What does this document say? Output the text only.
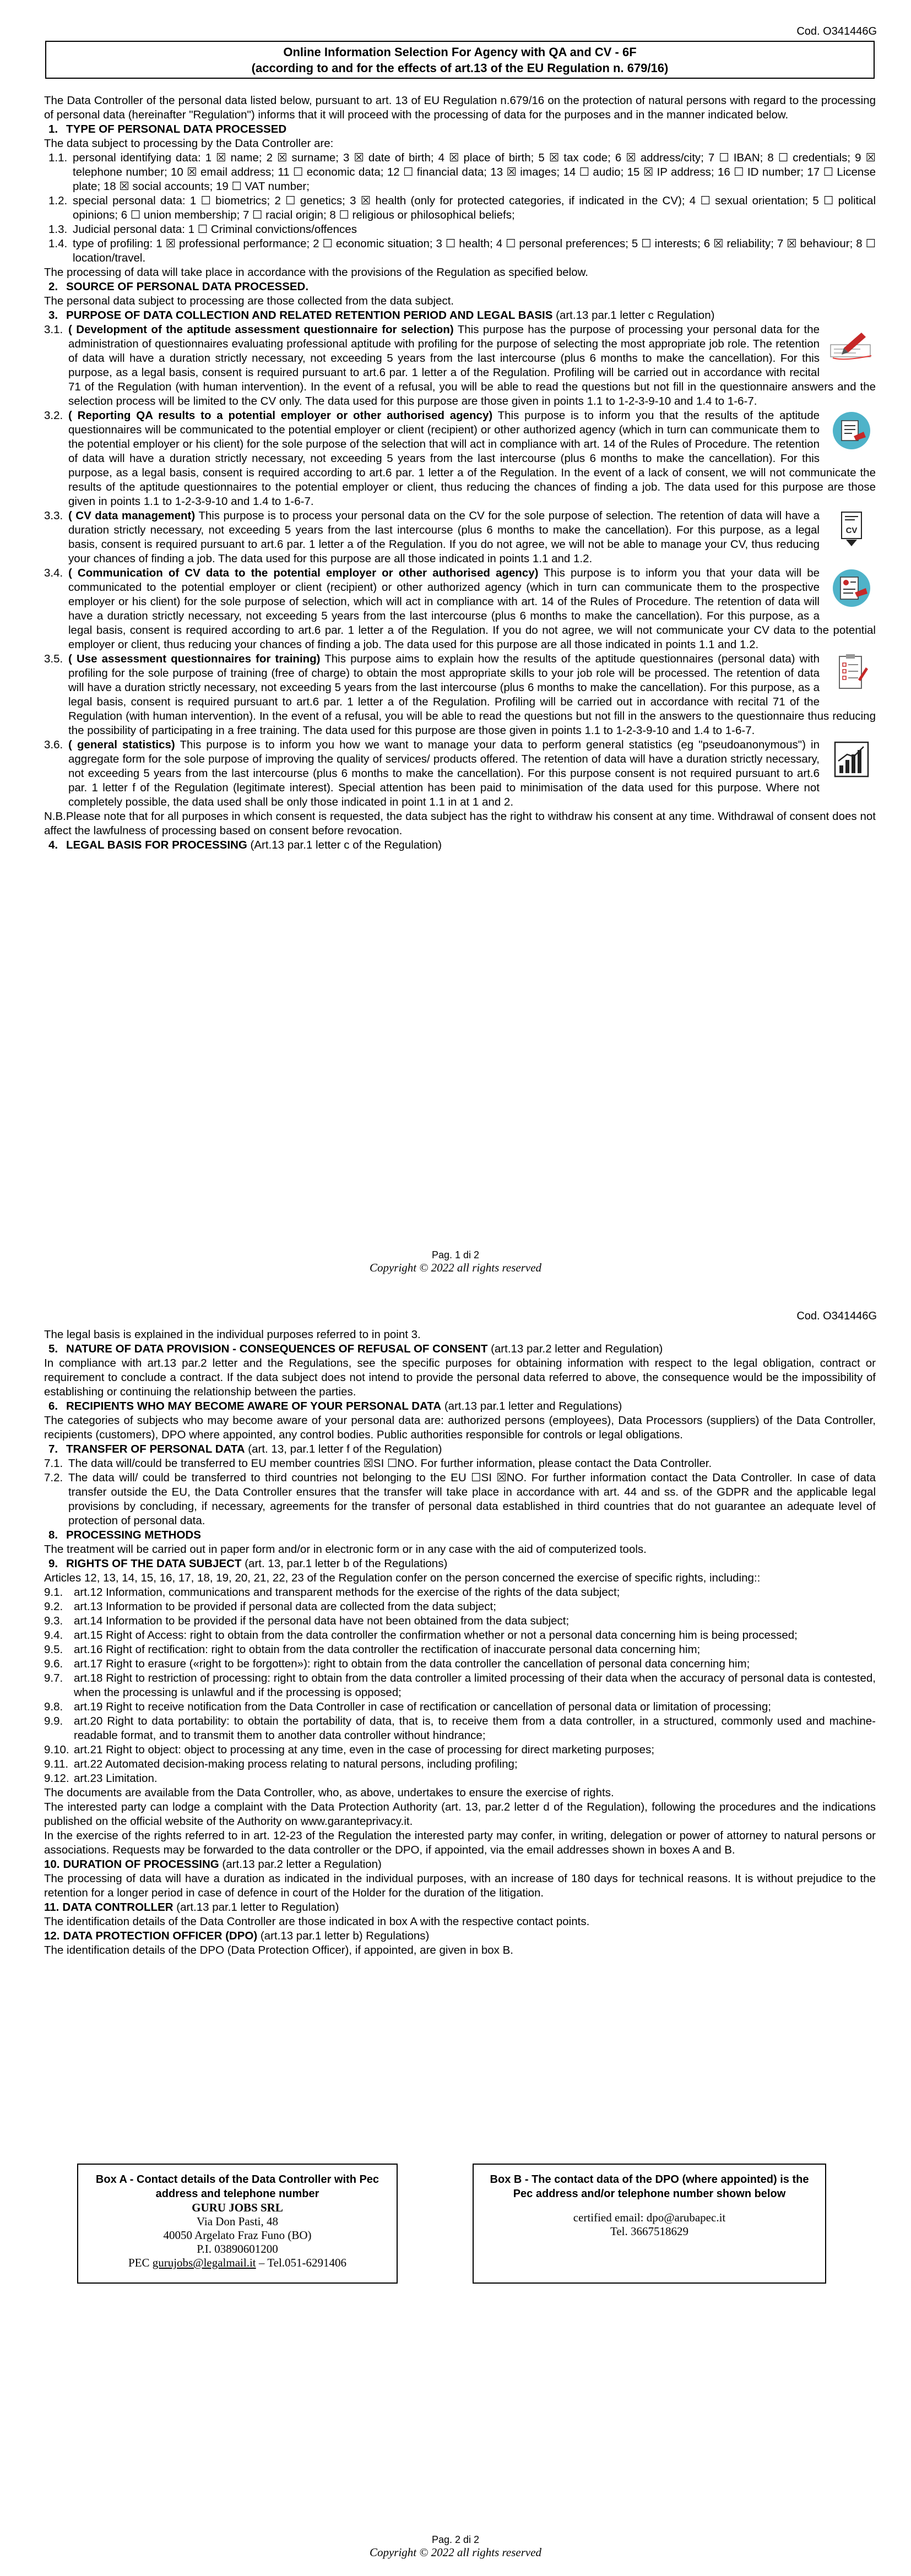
Cod. O341446G
Online Information Selection For Agency with QA and CV - 6F
(according to and for the effects of art.13 of the EU Regulation n. 679/16)

The Data Controller of the personal data listed below, pursuant to art. 13 of EU Regulation n.679/16 on the protection of natural persons with regard to the processing of personal data (hereinafter "Regulation") informs that it will proceed with the processing of data for the purposes and in the manner indicated below.

1. TYPE OF PERSONAL DATA PROCESSED

The data subject to processing by the Data Controller are:

1.1. personal identifying data: 1 ☒ name; 2 ☒ surname; 3 ☒ date of birth; 4 ☒ place of birth; 5 ☒ tax code; 6 ☒ address/city; 7 ☐ IBAN; 8 ☐ credentials; 9 ☒ telephone number; 10 ☒ email address; 11 ☐ economic data; 12 ☐ financial data; 13 ☒ images; 14 ☐ audio; 15 ☒ IP address; 16 ☐ ID number; 17 ☐ License plate; 18 ☒ social accounts; 19 ☐ VAT number;
1.2. special personal data: 1 ☐ biometrics; 2 ☐ genetics; 3 ☒ health (only for protected categories, if indicated in the CV); 4 ☐ sexual orientation; 5 ☐ political opinions; 6 ☐ union membership; 7 ☐ racial origin; 8 ☐ religious or philosophical beliefs;
1.3. Judicial personal data: 1 ☐ Criminal convictions/offences
1.4. type of profiling: 1 ☒ professional performance; 2 ☐ economic situation; 3 ☐ health; 4 ☐ personal preferences; 5 ☐ interests; 6 ☒ reliability; 7 ☒ behaviour; 8 ☐ location/travel.

The processing of data will take place in accordance with the provisions of the Regulation as specified below.

2. SOURCE OF PERSONAL DATA PROCESSED.

The personal data subject to processing are those collected from the data subject.

3. PURPOSE OF DATA COLLECTION AND RELATED RETENTION PERIOD AND LEGAL BASIS (art.13 par.1 letter c Regulation)
3.1. ( Development of the aptitude assessment questionnaire for selection) This purpose has the purpose of processing your personal data for the administration of questionnaires evaluating professional aptitude with profiling for the purpose of selecting the most appropriate job role. The retention of data will have a duration strictly necessary, not exceeding 5 years from the last intercourse (plus 6 months to make the cancellation). For this purpose, as a legal basis, consent is required pursuant to art.6 par. 1 letter a of the Regulation. Profiling will be carried out in accordance with recital 71 of the Regulation (with human intervention). In the event of a refusal, you will be able to read the questions but not fill in the questionnaire answers and the selection process will be limited to the CV only. The data used for this purpose are those given in points 1.1 to 1-2-3-9-10 and 1.4 to 1-6-7.
3.2. ( Reporting QA results to a potential employer or other authorised agency) This purpose is to inform you that the results of the aptitude questionnaires will be communicated to the potential employer or client (recipient) or other authorized agency (which in turn can communicate them to the potential employer or his client) for the sole purpose of the selection that will act in compliance with art. 14 of the Rules of Procedure. The retention of data will have a duration strictly necessary, not exceeding 5 years from the last intercourse (plus 6 months to make the cancellation). For this purpose, as a legal basis, consent is required according to art.6 par. 1 letter a of the Regulation. In the event of a lack of consent, we will not communicate the results of the aptitude questionnaires to the potential employer or client, thus reducing the chances of finding a job. The data used for this purpose are those given in points 1.1 to 1-2-3-9-10 and 1.4 to 1-6-7.
3.3.
CV
( CV data management) This purpose is to process your personal data on the CV for the sole purpose of selection. The retention of data will have a duration strictly necessary, not exceeding 5 years from the last intercourse (plus 6 months to make the cancellation). For this purpose, as a legal basis, consent is required pursuant to art.6 par. 1 letter a of the Regulation. If you do not agree, we will not be able to manage your CV, thus reducing your chances of finding a job. The data used for this purpose are all those indicated in points 1.1 and 1.2.
3.4. ( Communication of CV data to the potential employer or other authorised agency) This purpose is to inform you that your data will be communicated to the potential employer or client (recipient) or other authorized agency (which in turn can communicate them to the prospective employer or his client) for the sole purpose of selection, which will act in compliance with art. 14 of the Rules of Procedure. The retention of data will have a duration strictly necessary, not exceeding 5 years from the last intercourse (plus 6 months to make the cancellation). For this purpose, as a legal basis, consent is required according to art.6 par. 1 letter a of the Regulation. If you do not agree, we will not communicate your CV data to the potential employer or client, thus reducing your chances of finding a job. The data used for this purpose are all those indicated in points 1.1 and 1.2.
3.5. ( Use assessment questionnaires for training) This purpose aims to explain how the results of the aptitude questionnaires (personal data) with profiling for the sole purpose of training (free of charge) to obtain the most appropriate skills to your job role will be processed. The retention of data will have a duration strictly necessary, not exceeding 5 years from the last intercourse (plus 6 months to make the cancellation). For this purpose, as a legal basis, consent is required pursuant to art.6 par. 1 letter a of the Regulation. Profiling will be carried out in accordance with recital 71 of the Regulation (with human intervention). In the event of a refusal, you will be able to read the questions but not fill in the answers to the questionnaire thus reducing the possibility of participating in a free training. The data used for this purpose are those given in points 1.1 to 1-2-3-9-10 and 1.4 to 1-6-7.
3.6. ( general statistics) This purpose is to inform you how we want to manage your data to perform general statistics (eg "pseudoanonymous") in aggregate form for the sole purpose of improving the quality of services/ products offered. The retention of data will have a duration strictly necessary, not exceeding 5 years from the last intercourse (plus 6 months to make the cancellation). For this purpose consent is not required pursuant to art.6 par. 1 letter f of the Regulation (legitimate interest). Special attention has been paid to minimisation of the data used for this purpose. Where not completely possible, the data used shall be only those indicated in point 1.1 in at 1 and 2.

N.B.Please note that for all purposes in which consent is requested, the data subject has the right to withdraw his consent at any time. Withdrawal of consent does not affect the lawfulness of processing based on consent before revocation.

4. LEGAL BASIS FOR PROCESSING (Art.13 par.1 letter c of the Regulation)
Pag. 1 di 2
Copyright © 2022 all rights reserved
Cod. O341446G

The legal basis is explained in the individual purposes referred to in point 3.

5. NATURE OF DATA PROVISION - CONSEQUENCES OF REFUSAL OF CONSENT (art.13 par.2 letter and Regulation)

In compliance with art.13 par.2 letter and the Regulations, see the specific purposes for obtaining information with respect to the legal obligation, contract or requirement to conclude a contract. If the data subject does not intend to provide the personal data referred to above, the consequence would be the impossibility of establishing or continuing the relationship between the parties.

6. RECIPIENTS WHO MAY BECOME AWARE OF YOUR PERSONAL DATA (art.13 par.1 letter and Regulations)

The categories of subjects who may become aware of your personal data are: authorized persons (employees), Data Processors (suppliers) of the Data Controller, recipients (customers), DPO where appointed, any control bodies. Public authorities responsible for controls or legal obligations.

7. TRANSFER OF PERSONAL DATA (art. 13, par.1 letter f of the Regulation)
7.1. The data will/could be transferred to EU member countries ☒SI ☐NO. For further information, please contact the Data Controller.
7.2. The data will/ could be transferred to third countries not belonging to the EU ☐SI ☒NO. For further information contact the Data Controller. In case of data transfer outside the EU, the Data Controller ensures that the transfer will take place in accordance with art. 44 and ss. of the GDPR and the applicable legal provisions by concluding, if necessary, agreements for the transfer of personal data established in third countries that do not guarantee an adequate level of protection of personal data.
8. PROCESSING METHODS

The treatment will be carried out in paper form and/or in electronic form or in any case with the aid of computerized tools.

9. RIGHTS OF THE DATA SUBJECT (art. 13, par.1 letter b of the Regulations)

Articles 12, 13, 14, 15, 16, 17, 18, 19, 20, 21, 22, 23 of the Regulation confer on the person concerned the exercise of specific rights, including::

9.1. art.12 Information, communications and transparent methods for the exercise of the rights of the data subject;
9.2. art.13 Information to be provided if personal data are collected from the data subject;
9.3. art.14 Information to be provided if the personal data have not been obtained from the data subject;
9.4. art.15 Right of Access: right to obtain from the data controller the confirmation whether or not a personal data concerning him is being processed;
9.5. art.16 Right of rectification: right to obtain from the data controller the rectification of inaccurate personal data concerning him;
9.6. art.17 Right to erasure («right to be forgotten»): right to obtain from the data controller the cancellation of personal data concerning him;
9.7. art.18 Right to restriction of processing: right to obtain from the data controller a limited processing of their data when the accuracy of personal data is contested, when the processing is unlawful and if the processing is opposed;
9.8. art.19 Right to receive notification from the Data Controller in case of rectification or cancellation of personal data or limitation of processing;
9.9. art.20 Right to data portability: to obtain the portability of data, that is, to receive them from a data controller, in a structured, commonly used and machine-readable format, and to transmit them to another data controller without hindrance;
9.10. art.21 Right to object: object to processing at any time, even in the case of processing for direct marketing purposes;
9.11. art.22 Automated decision-making process relating to natural persons, including profiling;
9.12. art.23 Limitation.

The documents are available from the Data Controller, who, as above, undertakes to ensure the exercise of rights.

The interested party can lodge a complaint with the Data Protection Authority (art. 13, par.2 letter d of the Regulation), following the procedures and the indications published on the official website of the Authority on www.garanteprivacy.it.

In the exercise of the rights referred to in art. 12-23 of the Regulation the interested party may confer, in writing, delegation or power of attorney to natural persons or associations. Requests may be forwarded to the data controller or the DPO, if appointed, via the email addresses shown in boxes A and B.

10. DURATION OF PROCESSING (art.13 par.2 letter a Regulation)

The processing of data will have a duration as indicated in the individual purposes, with an increase of 180 days for technical reasons. It is without prejudice to the retention for a longer period in case of defence in court of the Holder for the duration of the litigation.

11. DATA CONTROLLER (art.13 par.1 letter to Regulation)

The identification details of the Data Controller are those indicated in box A with the respective contact points.

12. DATA PROTECTION OFFICER (DPO) (art.13 par.1 letter b) Regulations)

The identification details of the DPO (Data Protection Officer), if appointed, are given in box B.

Box A - Contact details of the Data Controller with Pec address and telephone number
GURU JOBS SRL
Via Don Pasti, 48
40050 Argelato Fraz Funo (BO)
P.I. 03890601200
PEC gurujobs@legalmail.it – Tel.051-6291406
Box B - The contact data of the DPO (where appointed) is the Pec address and/or telephone number shown below
certified email: dpo@arubapec.it
Tel. 3667518629
Pag. 2 di 2
Copyright © 2022 all rights reserved
